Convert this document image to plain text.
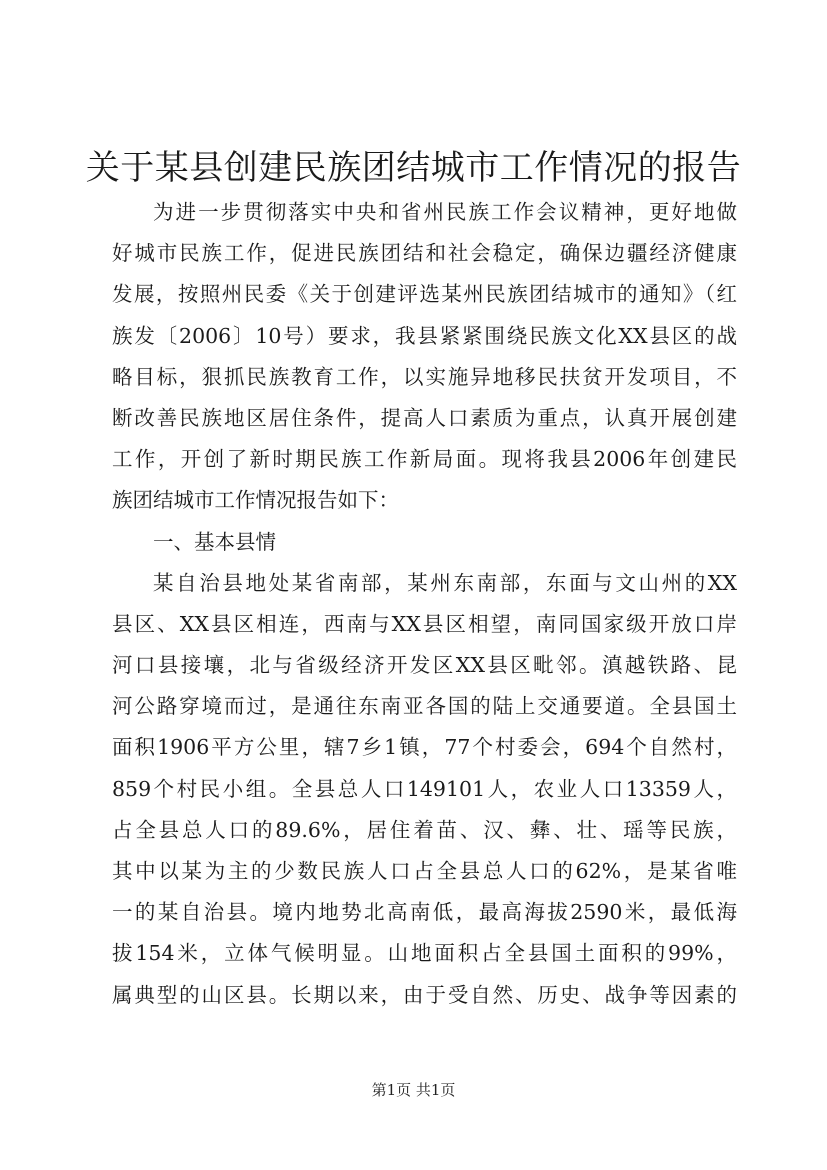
关于某县创建民族团结城市工作情况的报告
为进一步贯彻落实中央和省州民族工作会议精神，更好地做
好城市民族工作，促进民族团结和社会稳定，确保边疆经济健康
发展，按照州民委《关于创建评选某州民族团结城市的通知》（红
族发〔2006〕10号）要求，我县紧紧围绕民族文化XX县区的战
略目标，狠抓民族教育工作，以实施异地移民扶贫开发项目，不
断改善民族地区居住条件，提高人口素质为重点，认真开展创建
工作，开创了新时期民族工作新局面。现将我县2006年创建民
族团结城市工作情况报告如下：
一、基本县情
某自治县地处某省南部，某州东南部，东面与文山州的XX
县区、XX县区相连，西南与XX县区相望，南同国家级开放口岸
河口县接壤，北与省级经济开发区XX县区毗邻。滇越铁路、昆
河公路穿境而过，是通往东南亚各国的陆上交通要道。全县国土
面积1906平方公里，辖7乡1镇，77个村委会，694个自然村，
859个村民小组。全县总人口149101人，农业人口13359人，
占全县总人口的89.6%，居住着苗、汉、彝、壮、瑶等民族，
其中以某为主的少数民族人口占全县总人口的62%，是某省唯
一的某自治县。境内地势北高南低，最高海拔2590米，最低海
拔154米，立体气候明显。山地面积占全县国土面积的99%，
属典型的山区县。长期以来，由于受自然、历史、战争等因素的
第1页 共1页
